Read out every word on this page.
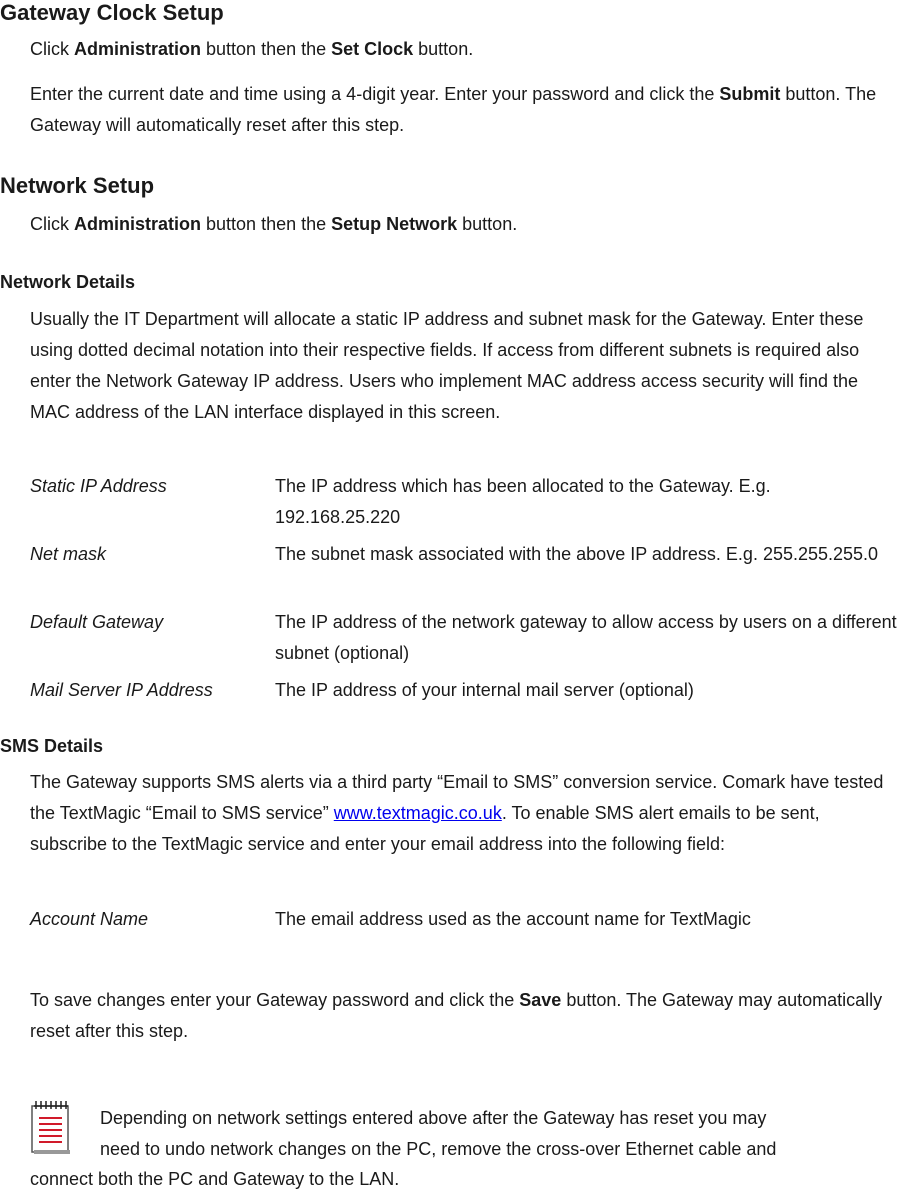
Gateway Clock Setup

Click Administration button then the Set Clock button.

Enter the current date and time using a 4-digit year. Enter your password and click the Submit button. The Gateway will automatically reset after this step.

Network Setup

Click Administration button then the Setup Network button.

Network Details

Usually the IT Department will allocate a static IP address and subnet mask for the Gateway. Enter these using dotted decimal notation into their respective fields. If access from different subnets is required also enter the Network Gateway IP address. Users who implement MAC address access security will find the MAC address of the LAN interface displayed in this screen.

Static IP Address	The IP address which has been allocated to the Gateway. E.g. 192.168.25.220
Net mask	The subnet mask associated with the above IP address. E.g. 255.255.255.0
Default Gateway	The IP address of the network gateway to allow access by users on a different subnet (optional)
Mail Server IP Address	The IP address of your internal mail server (optional)
SMS Details

The Gateway supports SMS alerts via a third party “Email to SMS” conversion service. Comark have tested the TextMagic “Email to SMS service” www.textmagic.co.uk. To enable SMS alert emails to be sent, subscribe to the TextMagic service and enter your email address into the following field:

Account Name	The email address used as the account name for TextMagic

To save changes enter your Gateway password and click the Save button. The Gateway may automatically reset after this step.

Depending on network settings entered above after the Gateway has reset you may
need to undo network changes on the PC, remove the cross-over Ethernet cable and
connect both the PC and Gateway to the LAN.
